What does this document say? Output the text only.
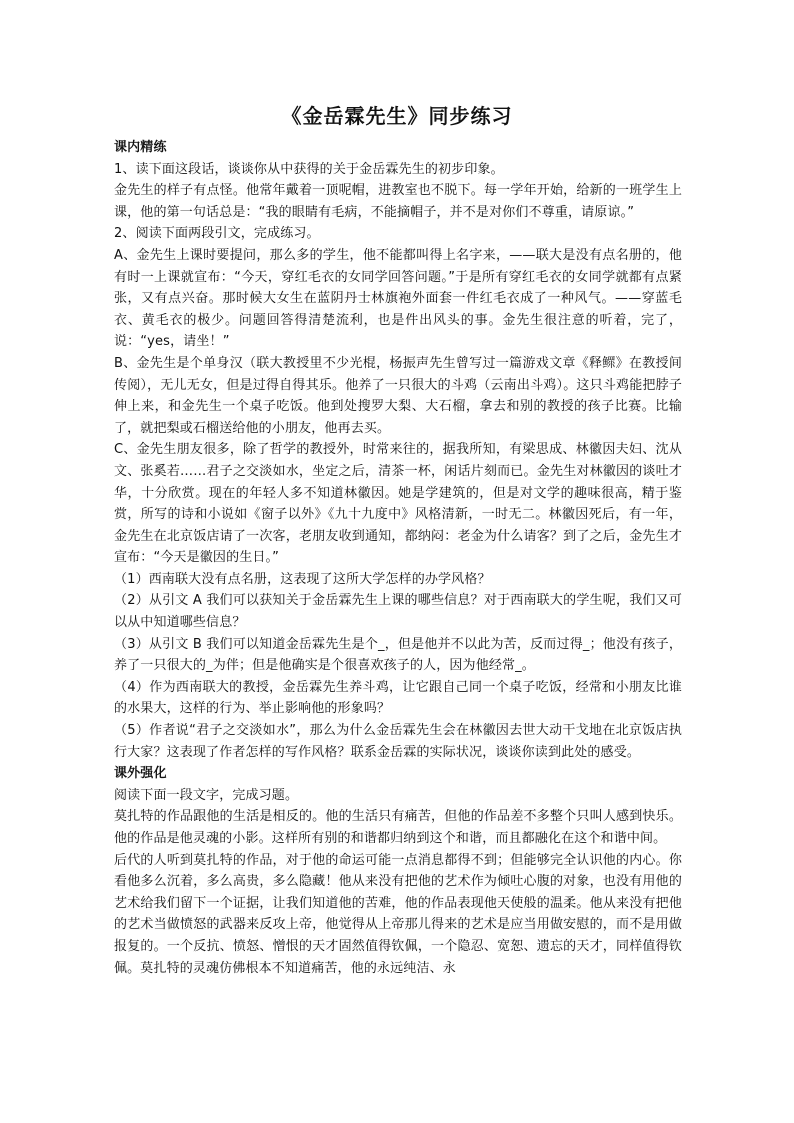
《金岳霖先生》同步练习

课内精练

1、读下面这段话，谈谈你从中获得的关于金岳霖先生的初步印象。

金先生的样子有点怪。他常年戴着一顶呢帽，进教室也不脱下。每一学年开始，给新的一班学生上课，他的第一句话总是：“我的眼睛有毛病，不能摘帽子，并不是对你们不尊重，请原谅。”

2、阅读下面两段引文，完成练习。

A、金先生上课时要提问，那么多的学生，他不能都叫得上名字来，——联大是没有点名册的，他有时一上课就宣布：“今天，穿红毛衣的女同学回答问题。”于是所有穿红毛衣的女同学就都有点紧张，又有点兴奋。那时候大女生在蓝阴丹士林旗袍外面套一件红毛衣成了一种风气。——穿蓝毛衣、黄毛衣的极少。问题回答得清楚流利，也是件出风头的事。金先生很注意的听着，完了，说：“yes，请坐！”

B、金先生是个单身汉（联大教授里不少光棍，杨振声先生曾写过一篇游戏文章《释鳏》在教授间传阅），无儿无女，但是过得自得其乐。他养了一只很大的斗鸡（云南出斗鸡）。这只斗鸡能把脖子伸上来，和金先生一个桌子吃饭。他到处搜罗大梨、大石榴，拿去和别的教授的孩子比赛。比输了，就把梨或石榴送给他的小朋友，他再去买。

C、金先生朋友很多，除了哲学的教授外，时常来往的，据我所知，有梁思成、林徽因夫妇、沈从文、张奚若……君子之交淡如水，坐定之后，清茶一杯，闲话片刻而已。金先生对林徽因的谈吐才华，十分欣赏。现在的年轻人多不知道林徽因。她是学建筑的，但是对文学的趣味很高，精于鉴赏，所写的诗和小说如《窗子以外》《九十九度中》风格清新，一时无二。林徽因死后，有一年，金先生在北京饭店请了一次客，老朋友收到通知，都纳闷：老金为什么请客？到了之后，金先生才宣布：“今天是徽因的生日。”

（1）西南联大没有点名册，这表现了这所大学怎样的办学风格？

（2）从引文 A 我们可以获知关于金岳霖先生上课的哪些信息？对于西南联大的学生呢，我们又可以从中知道哪些信息？

（3）从引文 B 我们可以知道金岳霖先生是个_，但是他并不以此为苦，反而过得_；他没有孩子，养了一只很大的_为伴；但是他确实是个很喜欢孩子的人，因为他经常_。

（4）作为西南联大的教授，金岳霖先生养斗鸡，让它跟自己同一个桌子吃饭，经常和小朋友比谁的水果大，这样的行为、举止影响他的形象吗？

（5）作者说“君子之交淡如水”，那么为什么金岳霖先生会在林徽因去世大动干戈地在北京饭店执行大家？这表现了作者怎样的写作风格？联系金岳霖的实际状况，谈谈你读到此处的感受。

课外强化

阅读下面一段文字，完成习题。

莫扎特的作品跟他的生活是相反的。他的生活只有痛苦，但他的作品差不多整个只叫人感到快乐。他的作品是他灵魂的小影。这样所有别的和谐都归纳到这个和谐，而且都融化在这个和谐中间。

后代的人听到莫扎特的作品，对于他的命运可能一点消息都得不到；但能够完全认识他的内心。你看他多么沉着，多么高贵，多么隐藏！他从来没有把他的艺术作为倾吐心腹的对象，也没有用他的艺术给我们留下一个证据，让我们知道他的苦难，他的作品表现他天使般的温柔。他从来没有把他的艺术当做愤怒的武器来反攻上帝，他觉得从上帝那儿得来的艺术是应当用做安慰的，而不是用做报复的。一个反抗、愤怒、憎恨的天才固然值得钦佩，一个隐忍、宽恕、遗忘的天才，同样值得钦佩。莫扎特的灵魂仿佛根本不知道痛苦，他的永远纯洁、永
